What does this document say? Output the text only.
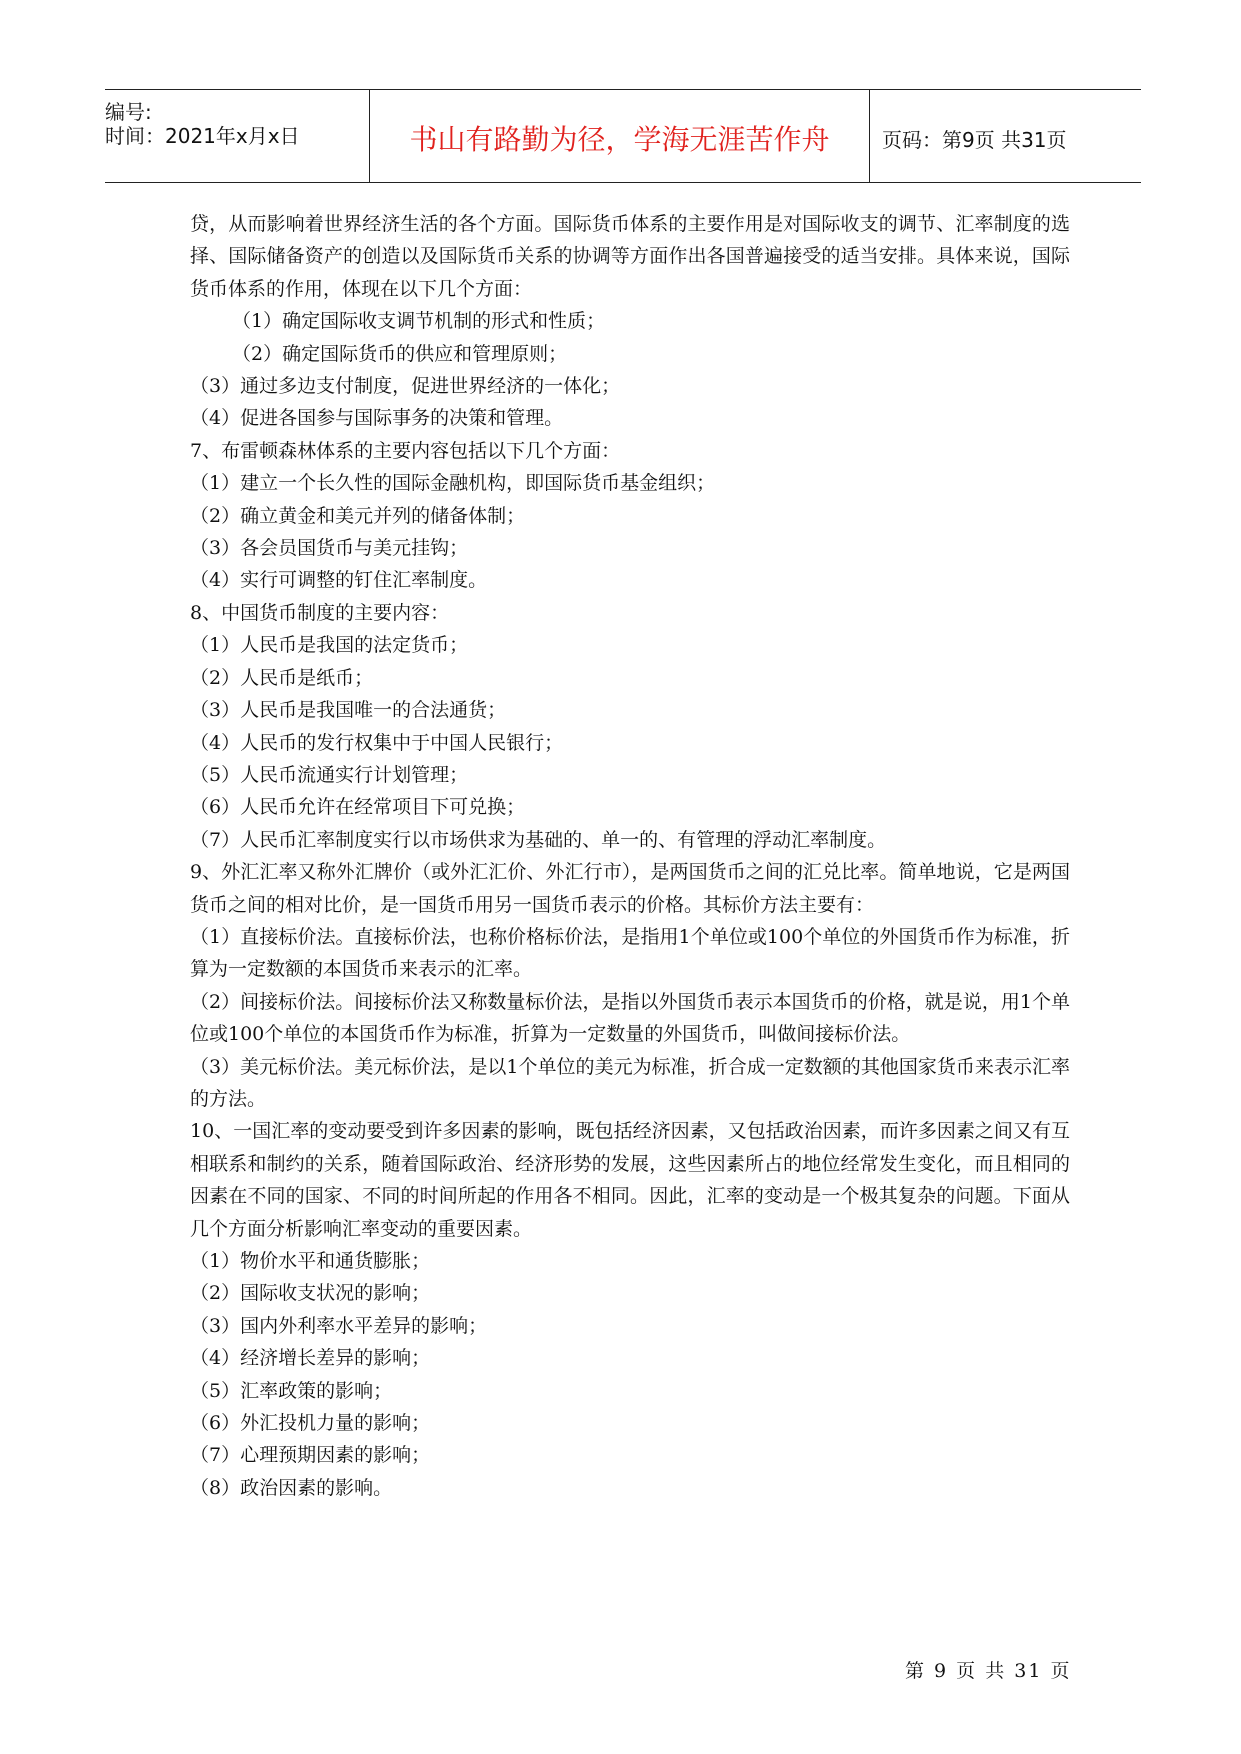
编号:
时间：2021年x月x日	书山有路勤为径，学海无涯苦作舟	页码：第9页 共31页

贷，从而影响着世界经济生活的各个方面。国际货币体系的主要作用是对国际收支的调节、汇率制度的选择、国际储备资产的创造以及国际货币关系的协调等方面作出各国普遍接受的适当安排。具体来说，国际货币体系的作用，体现在以下几个方面：

（1）确定国际收支调节机制的形式和性质；

（2）确定国际货币的供应和管理原则；

（3）通过多边支付制度，促进世界经济的一体化；

（4）促进各国参与国际事务的决策和管理。

7、布雷顿森林体系的主要内容包括以下几个方面：

（1）建立一个长久性的国际金融机构，即国际货币基金组织；

（2）确立黄金和美元并列的储备体制；

（3）各会员国货币与美元挂钩；

（4）实行可调整的钉住汇率制度。

8、中国货币制度的主要内容：

（1）人民币是我国的法定货币；

（2）人民币是纸币；

（3）人民币是我国唯一的合法通货；

（4）人民币的发行权集中于中国人民银行；

（5）人民币流通实行计划管理；

（6）人民币允许在经常项目下可兑换；

（7）人民币汇率制度实行以市场供求为基础的、单一的、有管理的浮动汇率制度。

9、外汇汇率又称外汇牌价（或外汇汇价、外汇行市），是两国货币之间的汇兑比率。简单地说，它是两国货币之间的相对比价，是一国货币用另一国货币表示的价格。其标价方法主要有：

（1）直接标价法。直接标价法，也称价格标价法，是指用1个单位或100个单位的外国货币作为标准，折算为一定数额的本国货币来表示的汇率。

（2）间接标价法。间接标价法又称数量标价法，是指以外国货币表示本国货币的价格，就是说，用1个单位或100个单位的本国货币作为标准，折算为一定数量的外国货币，叫做间接标价法。

（3）美元标价法。美元标价法，是以1个单位的美元为标准，折合成一定数额的其他国家货币来表示汇率的方法。

10、一国汇率的变动要受到许多因素的影响，既包括经济因素，又包括政治因素，而许多因素之间又有互相联系和制约的关系，随着国际政治、经济形势的发展，这些因素所占的地位经常发生变化，而且相同的因素在不同的国家、不同的时间所起的作用各不相同。因此，汇率的变动是一个极其复杂的问题。下面从几个方面分析影响汇率变动的重要因素。

（1）物价水平和通货膨胀；

（2）国际收支状况的影响；

（3）国内外利率水平差异的影响；

（4）经济增长差异的影响；

（5）汇率政策的影响；

（6）外汇投机力量的影响；

（7）心理预期因素的影响；

（8）政治因素的影响。

第 9 页 共 31 页
